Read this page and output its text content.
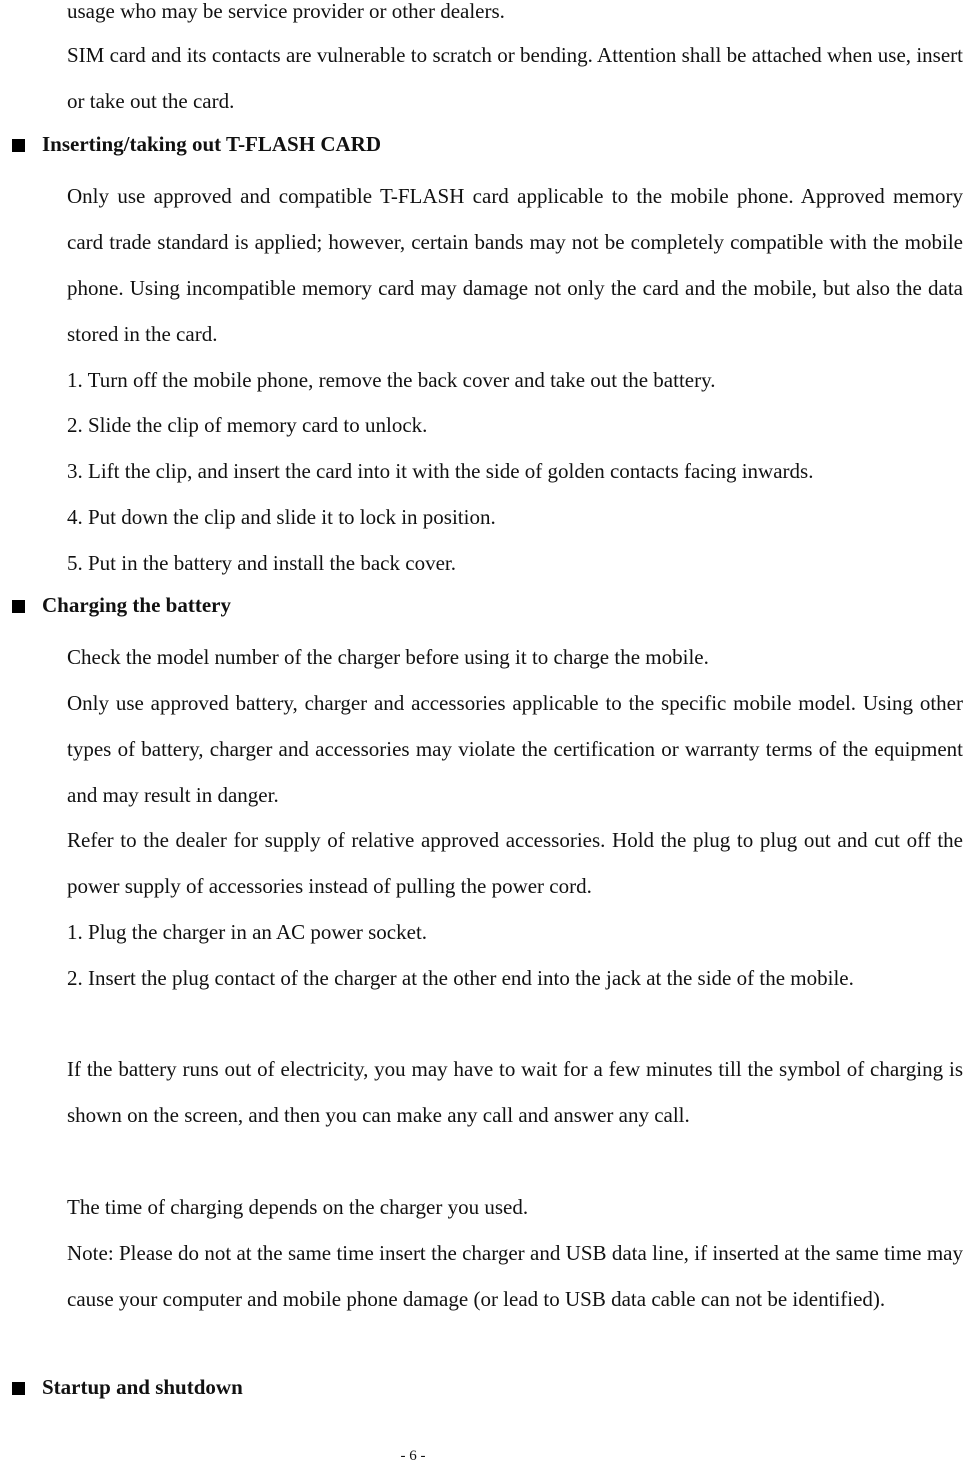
usage who may be service provider or other dealers.

SIM card and its contacts are vulnerable to scratch or bending. Attention shall be attached when use, insert or take out the card.

Inserting/taking out T-FLASH CARD

Only use approved and compatible T-FLASH card applicable to the mobile phone. Approved memory card trade standard is applied; however, certain bands may not be completely compatible with the mobile phone. Using incompatible memory card may damage not only the card and the mobile, but also the data stored in the card.

1. Turn off the mobile phone, remove the back cover and take out the battery.

2. Slide the clip of memory card to unlock.

3. Lift the clip, and insert the card into it with the side of golden contacts facing inwards.

4. Put down the clip and slide it to lock in position.

5. Put in the battery and install the back cover.

Charging the battery

Check the model number of the charger before using it to charge the mobile.

Only use approved battery, charger and accessories applicable to the specific mobile model. Using other types of battery, charger and accessories may violate the certification or warranty terms of the equipment and may result in danger.

Refer to the dealer for supply of relative approved accessories. Hold the plug to plug out and cut off the power supply of accessories instead of pulling the power cord.

1. Plug the charger in an AC power socket.

2. Insert the plug contact of the charger at the other end into the jack at the side of the mobile.

If the battery runs out of electricity, you may have to wait for a few minutes till the symbol of charging is shown on the screen, and then you can make any call and answer any call.

The time of charging depends on the charger you used.

Note: Please do not at the same time insert the charger and USB data line, if inserted at the same time may cause your computer and mobile phone damage (or lead to USB data cable can not be identified).

Startup and shutdown
- 6 -
